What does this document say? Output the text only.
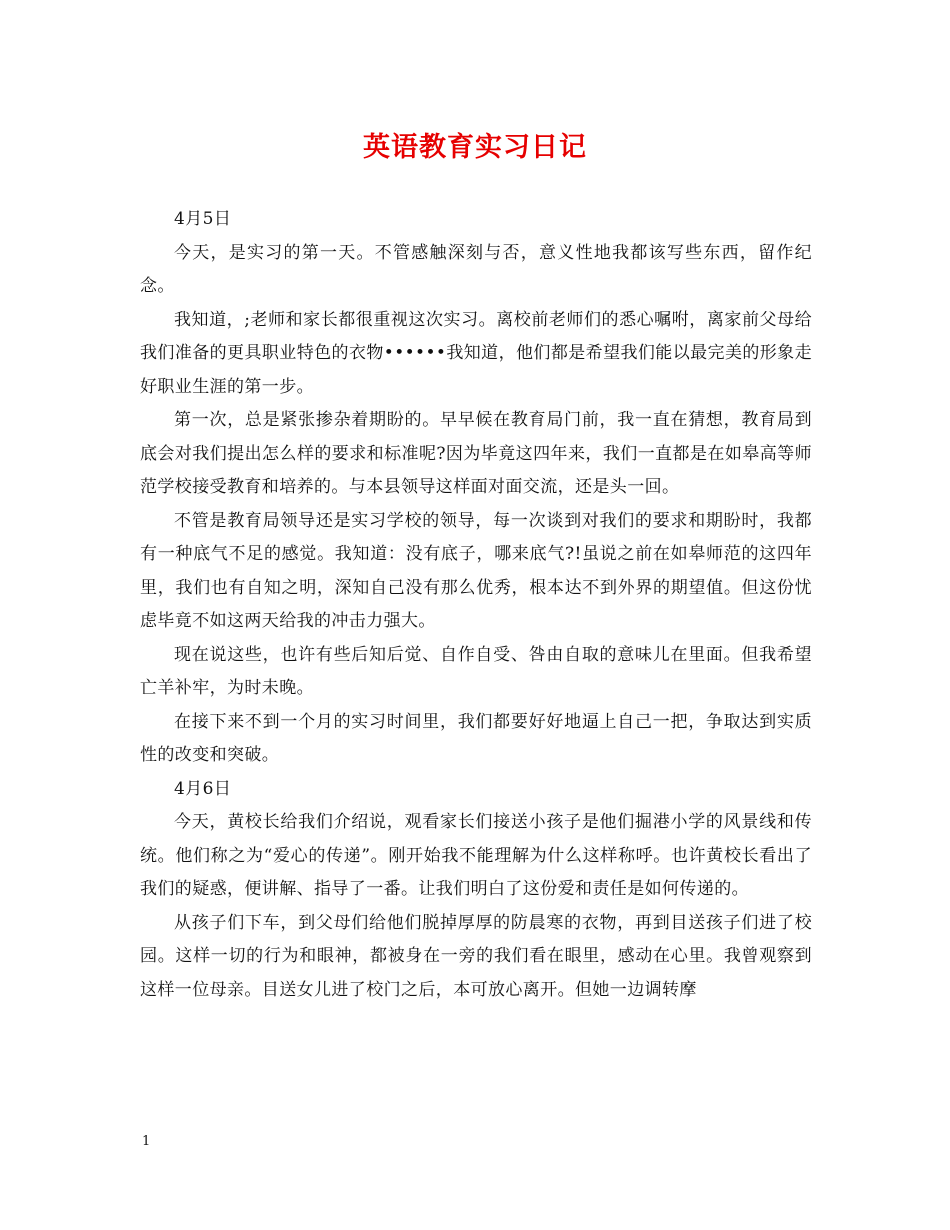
英语教育实习日记

4月5日

今天，是实习的第一天。不管感触深刻与否，意义性地我都该写些东西，留作纪念。

我知道，;老师和家长都很重视这次实习。离校前老师们的悉心嘱咐，离家前父母给我们准备的更具职业特色的衣物••••••我知道，他们都是希望我们能以最完美的形象走好职业生涯的第一步。

第一次，总是紧张掺杂着期盼的。早早候在教育局门前，我一直在猜想，教育局到底会对我们提出怎么样的要求和标准呢?因为毕竟这四年来，我们一直都是在如皋高等师范学校接受教育和培养的。与本县领导这样面对面交流，还是头一回。

不管是教育局领导还是实习学校的领导，每一次谈到对我们的要求和期盼时，我都有一种底气不足的感觉。我知道：没有底子，哪来底气?!虽说之前在如皋师范的这四年里，我们也有自知之明，深知自己没有那么优秀，根本达不到外界的期望值。但这份忧虑毕竟不如这两天给我的冲击力强大。

现在说这些，也许有些后知后觉、自作自受、咎由自取的意味儿在里面。但我希望亡羊补牢，为时未晚。

在接下来不到一个月的实习时间里，我们都要好好地逼上自己一把，争取达到实质性的改变和突破。

4月6日

今天，黄校长给我们介绍说，观看家长们接送小孩子是他们掘港小学的风景线和传统。他们称之为“爱心的传递”。刚开始我不能理解为什么这样称呼。也许黄校长看出了我们的疑惑，便讲解、指导了一番。让我们明白了这份爱和责任是如何传递的。

从孩子们下车，到父母们给他们脱掉厚厚的防晨寒的衣物，再到目送孩子们进了校园。这样一切的行为和眼神，都被身在一旁的我们看在眼里，感动在心里。我曾观察到这样一位母亲。目送女儿进了校门之后，本可放心离开。但她一边调转摩

1
